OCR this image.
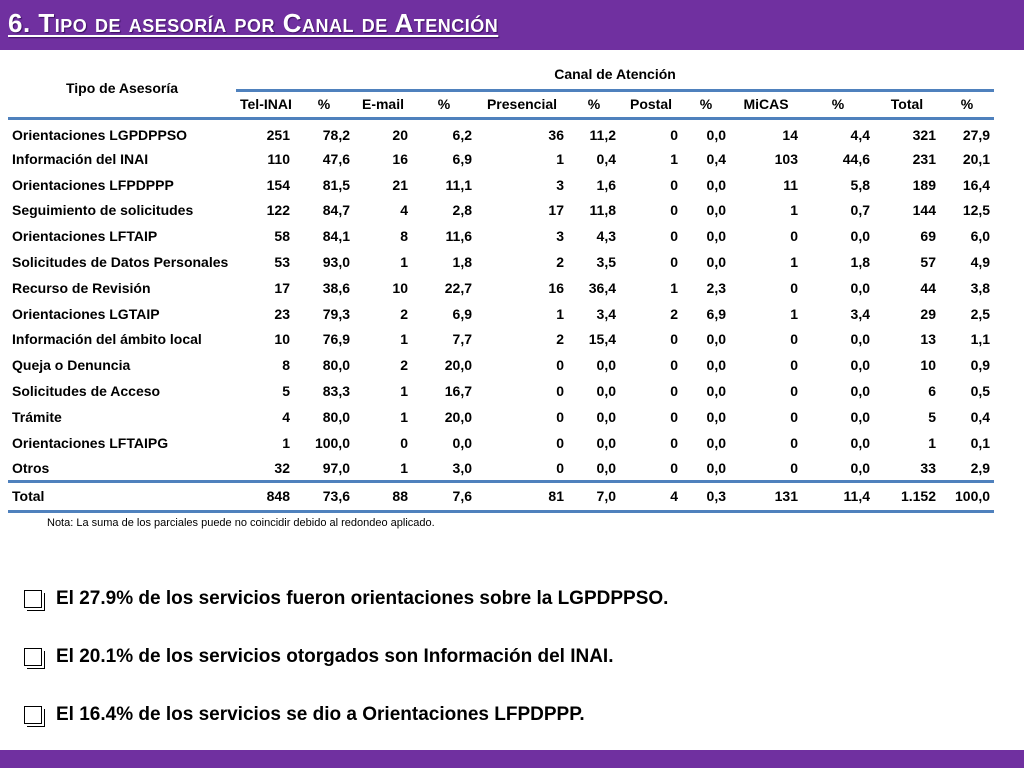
6. Tipo de asesoría por Canal de Atención
Tipo de Asesoría	Canal de Atención											
	Tel-INAI	%	E-mail	%	Presencial	%	Postal	%	MiCAS	%	Total	%
Orientaciones LGPDPPSO	251	78,2	20	6,2	36	11,2	0	0,0	14	4,4	321	27,9
Información del INAI	110	47,6	16	6,9	1	0,4	1	0,4	103	44,6	231	20,1
Orientaciones LFPDPPP	154	81,5	21	11,1	3	1,6	0	0,0	11	5,8	189	16,4
Seguimiento de solicitudes	122	84,7	4	2,8	17	11,8	0	0,0	1	0,7	144	12,5
Orientaciones LFTAIP	58	84,1	8	11,6	3	4,3	0	0,0	0	0,0	69	6,0
Solicitudes de Datos Personales	53	93,0	1	1,8	2	3,5	0	0,0	1	1,8	57	4,9
Recurso de Revisión	17	38,6	10	22,7	16	36,4	1	2,3	0	0,0	44	3,8
Orientaciones LGTAIP	23	79,3	2	6,9	1	3,4	2	6,9	1	3,4	29	2,5
Información del ámbito local	10	76,9	1	7,7	2	15,4	0	0,0	0	0,0	13	1,1
Queja o Denuncia	8	80,0	2	20,0	0	0,0	0	0,0	0	0,0	10	0,9
Solicitudes de Acceso	5	83,3	1	16,7	0	0,0	0	0,0	0	0,0	6	0,5
Trámite	4	80,0	1	20,0	0	0,0	0	0,0	0	0,0	5	0,4
Orientaciones LFTAIPG	1	100,0	0	0,0	0	0,0	0	0,0	0	0,0	1	0,1
Otros	32	97,0	1	3,0	0	0,0	0	0,0	0	0,0	33	2,9
Total	848	73,6	88	7,6	81	7,0	4	0,3	131	11,4	1.152	100,0
Nota: La suma de los parciales puede no coincidir debido al redondeo aplicado.
El 27.9% de los servicios fueron orientaciones sobre la LGPDPPSO.
El 20.1% de los servicios otorgados son Información del INAI.
El 16.4% de los servicios se dio a Orientaciones LFPDPPP.
